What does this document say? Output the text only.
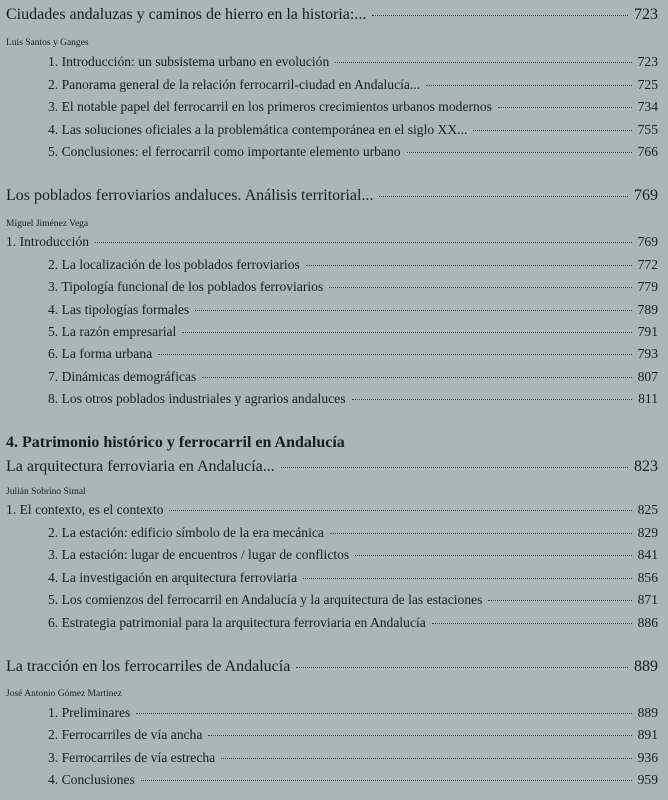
Ciudades andaluzas y caminos de hierro en la historia:...	723
Luis Santos y Ganges
1. Introducción: un subsistema urbano en evolución	723
2. Panorama general de la relación ferrocarril-ciudad en Andalucía...	725
3. El notable papel del ferrocarril en los primeros crecimientos urbanos modernos	734
4. Las soluciones oficiales a la problemática contemporánea en el siglo XX...	755
5. Conclusiones: el ferrocarril como importante elemento urbano	766
Los poblados ferroviarios andaluces. Análisis territorial...	769
Miguel Jiménez Vega
1. Introducción	769
2. La localización de los poblados ferroviarios	772
3. Tipología funcional de los poblados ferroviarios	779
4. Las tipologías formales	789
5. La razón empresarial	791
6. La forma urbana	793
7. Dinámicas demográficas	807
8. Los otros poblados industriales y agrarios andaluces	811
4. Patrimonio histórico y ferrocarril en Andalucía
La arquitectura ferroviaria en Andalucía...	823
Julián Sobrino Simal
1. El contexto, es el contexto	825
2. La estación: edificio símbolo de la era mecánica	829
3. La estación: lugar de encuentros / lugar de conflictos	841
4. La investigación en arquitectura ferroviaria	856
5. Los comienzos del ferrocarril en Andalucía y la arquitectura de las estaciones	871
6. Estrategia patrimonial para la arquitectura ferroviaria en Andalucía	886
La tracción en los ferrocarriles de Andalucía	889
José Antonio Gómez Martínez
1. Preliminares	889
2. Ferrocarriles de vía ancha	891
3. Ferrocarriles de vía estrecha	936
4. Conclusiones	959
